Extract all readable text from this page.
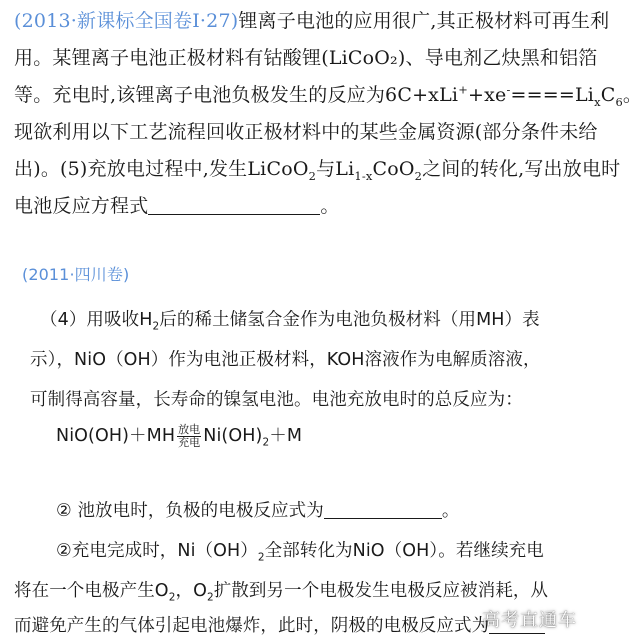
(2013·新课标全国卷I·27)锂离子电池的应用很广,其正极材料可再生利
用。某锂离子电池正极材料有钴酸锂(LiCoO₂)、导电剂乙炔黑和铝箔
等。充电时,该锂离子电池负极发生的反应为$6C+xLi^++xe^-====Li_xC_6$。
现欲利用以下工艺流程回收正极材料中的某些金属资源(部分条件未给
出)。(5)充放电过程中,发生LiCoO$_2$与$Li_{1-x}CoO_2$之间的转化,写出放电时
电池反应方程式	。
(2011·四川卷)
（4）用吸收$H_2$后的稀土储氢合金作为电池负极材料（用MH）表
示），NiO（OH）作为电池正极材料，KOH溶液作为电解质溶液，
可制得高容量，长寿命的镍氢电池。电池充放电时的总反应为：
NiO(OH)＋MH 放电
充电 $Ni(OH)_2+M$
② 池放电时，负极的电极反应式为	。
②充电完成时，$Ni(OH)_2$全部转化为NiO（OH）。若继续充电
将在一个电极产生$O_2$，$O_2$扩散到另一个电极发生电极反应被消耗，从
而避免产生的气体引起电池爆炸，此时，阴极的电极反应式为
高考直通车
